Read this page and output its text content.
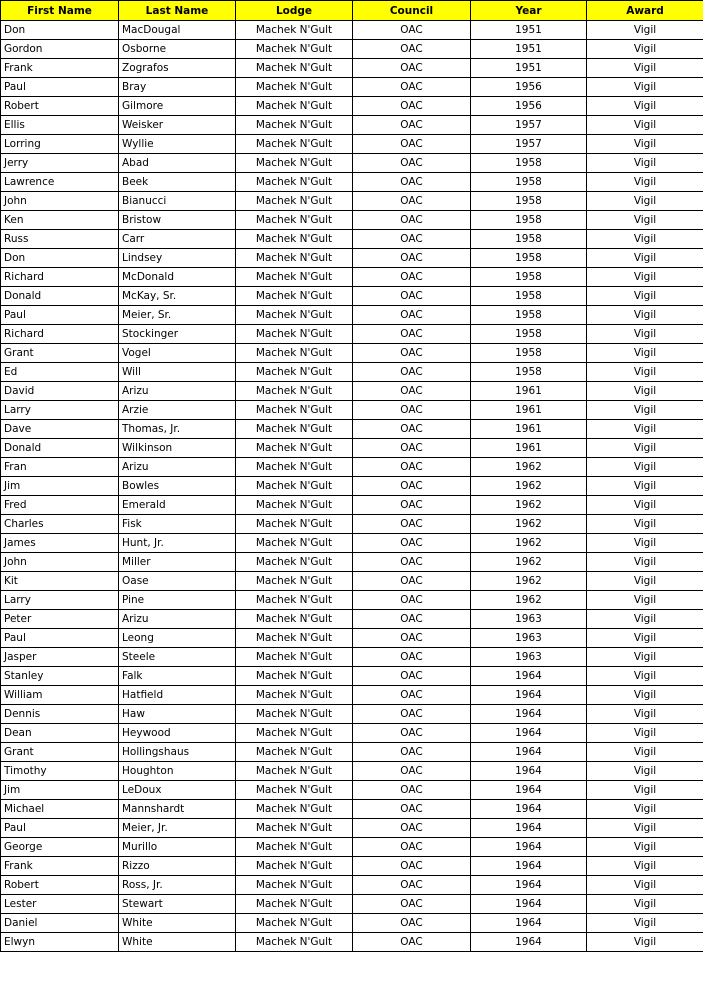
First Name	Last Name	Lodge	Council	Year	Award
Don	MacDougal	Machek N'Gult	OAC	1951	Vigil
Gordon	Osborne	Machek N'Gult	OAC	1951	Vigil
Frank	Zografos	Machek N'Gult	OAC	1951	Vigil
Paul	Bray	Machek N'Gult	OAC	1956	Vigil
Robert	Gilmore	Machek N'Gult	OAC	1956	Vigil
Ellis	Weisker	Machek N'Gult	OAC	1957	Vigil
Lorring	Wyllie	Machek N'Gult	OAC	1957	Vigil
Jerry	Abad	Machek N'Gult	OAC	1958	Vigil
Lawrence	Beek	Machek N'Gult	OAC	1958	Vigil
John	Bianucci	Machek N'Gult	OAC	1958	Vigil
Ken	Bristow	Machek N'Gult	OAC	1958	Vigil
Russ	Carr	Machek N'Gult	OAC	1958	Vigil
Don	Lindsey	Machek N'Gult	OAC	1958	Vigil
Richard	McDonald	Machek N'Gult	OAC	1958	Vigil
Donald	McKay, Sr.	Machek N'Gult	OAC	1958	Vigil
Paul	Meier, Sr.	Machek N'Gult	OAC	1958	Vigil
Richard	Stockinger	Machek N'Gult	OAC	1958	Vigil
Grant	Vogel	Machek N'Gult	OAC	1958	Vigil
Ed	Will	Machek N'Gult	OAC	1958	Vigil
David	Arizu	Machek N'Gult	OAC	1961	Vigil
Larry	Arzie	Machek N'Gult	OAC	1961	Vigil
Dave	Thomas, Jr.	Machek N'Gult	OAC	1961	Vigil
Donald	Wilkinson	Machek N'Gult	OAC	1961	Vigil
Fran	Arizu	Machek N'Gult	OAC	1962	Vigil
Jim	Bowles	Machek N'Gult	OAC	1962	Vigil
Fred	Emerald	Machek N'Gult	OAC	1962	Vigil
Charles	Fisk	Machek N'Gult	OAC	1962	Vigil
James	Hunt, Jr.	Machek N'Gult	OAC	1962	Vigil
John	Miller	Machek N'Gult	OAC	1962	Vigil
Kit	Oase	Machek N'Gult	OAC	1962	Vigil
Larry	Pine	Machek N'Gult	OAC	1962	Vigil
Peter	Arizu	Machek N'Gult	OAC	1963	Vigil
Paul	Leong	Machek N'Gult	OAC	1963	Vigil
Jasper	Steele	Machek N'Gult	OAC	1963	Vigil
Stanley	Falk	Machek N'Gult	OAC	1964	Vigil
William	Hatfield	Machek N'Gult	OAC	1964	Vigil
Dennis	Haw	Machek N'Gult	OAC	1964	Vigil
Dean	Heywood	Machek N'Gult	OAC	1964	Vigil
Grant	Hollingshaus	Machek N'Gult	OAC	1964	Vigil
Timothy	Houghton	Machek N'Gult	OAC	1964	Vigil
Jim	LeDoux	Machek N'Gult	OAC	1964	Vigil
Michael	Mannshardt	Machek N'Gult	OAC	1964	Vigil
Paul	Meier, Jr.	Machek N'Gult	OAC	1964	Vigil
George	Murillo	Machek N'Gult	OAC	1964	Vigil
Frank	Rizzo	Machek N'Gult	OAC	1964	Vigil
Robert	Ross, Jr.	Machek N'Gult	OAC	1964	Vigil
Lester	Stewart	Machek N'Gult	OAC	1964	Vigil
Daniel	White	Machek N'Gult	OAC	1964	Vigil
Elwyn	White	Machek N'Gult	OAC	1964	Vigil
